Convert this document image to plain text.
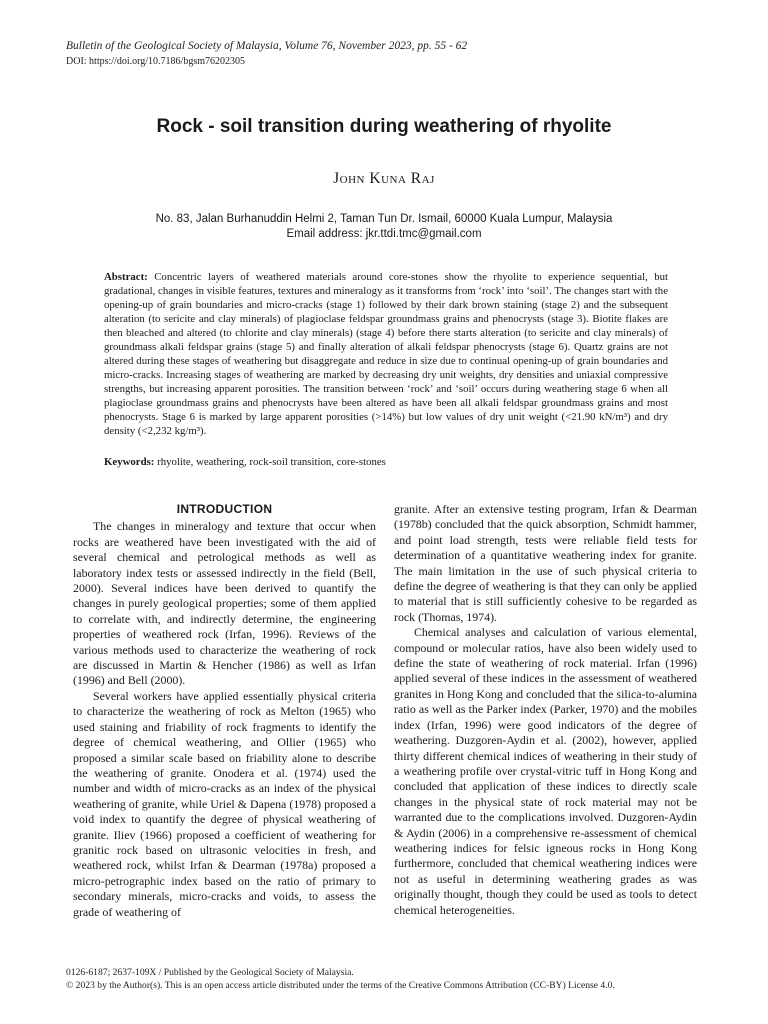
Bulletin of the Geological Society of Malaysia, Volume 76, November 2023, pp. 55 - 62
DOI: https://doi.org/10.7186/bgsm76202305
Rock - soil transition during weathering of rhyolite
John Kuna Raj
No. 83, Jalan Burhanuddin Helmi 2, Taman Tun Dr. Ismail, 60000 Kuala Lumpur, Malaysia
Email address: jkr.ttdi.tmc@gmail.com

Abstract: Concentric layers of weathered materials around core-stones show the rhyolite to experience sequential, but gradational, changes in visible features, textures and mineralogy as it transforms from ‘rock’ into ‘soil’. The changes start with the opening-up of grain boundaries and micro-cracks (stage 1) followed by their dark brown staining (stage 2) and the subsequent alteration (to sericite and clay minerals) of plagioclase feldspar groundmass grains and phenocrysts (stage 3). Biotite flakes are then bleached and altered (to chlorite and clay minerals) (stage 4) before there starts alteration (to sericite and clay minerals) of groundmass alkali feldspar grains (stage 5) and finally alteration of alkali feldspar phenocrysts (stage 6). Quartz grains are not altered during these stages of weathering but disaggregate and reduce in size due to continual opening-up of grain boundaries and micro-cracks. Increasing stages of weathering are marked by decreasing dry unit weights, dry densities and uniaxial compressive strengths, but increasing apparent porosities. The transition between ‘rock’ and ‘soil’ occurs during weathering stage 6 when all plagioclase groundmass grains and phenocrysts have been altered as have been all alkali feldspar groundmass grains and most phenocrysts. Stage 6 is marked by large apparent porosities (>14%) but low values of dry unit weight (<21.90 kN/m³) and dry density (<2,232 kg/m³).

Keywords: rhyolite, weathering, rock-soil transition, core-stones

INTRODUCTION

The changes in mineralogy and texture that occur when rocks are weathered have been investigated with the aid of several chemical and petrological methods as well as laboratory index tests or assessed indirectly in the field (Bell, 2000). Several indices have been derived to quantify the changes in purely geological properties; some of them applied to correlate with, and indirectly determine, the engineering properties of weathered rock (Irfan, 1996). Reviews of the various methods used to characterize the weathering of rock are discussed in Martin & Hencher (1986) as well as Irfan (1996) and Bell (2000).

Several workers have applied essentially physical criteria to characterize the weathering of rock as Melton (1965) who used staining and friability of rock fragments to identify the degree of chemical weathering, and Ollier (1965) who proposed a similar scale based on friability alone to describe the weathering of granite. Onodera et al. (1974) used the number and width of micro-cracks as an index of the physical weathering of granite, while Uriel & Dapena (1978) proposed a void index to quantify the degree of physical weathering of granite. Iliev (1966) proposed a coefficient of weathering for granitic rock based on ultrasonic velocities in fresh, and weathered rock, whilst Irfan & Dearman (1978a) proposed a micro-petrographic index based on the ratio of primary to secondary minerals, micro-cracks and voids, to assess the grade of weathering of

granite. After an extensive testing program, Irfan & Dearman (1978b) concluded that the quick absorption, Schmidt hammer, and point load strength, tests were reliable field tests for determination of a quantitative weathering index for granite. The main limitation in the use of such physical criteria to define the degree of weathering is that they can only be applied to material that is still sufficiently cohesive to be regarded as rock (Thomas, 1974).

Chemical analyses and calculation of various elemental, compound or molecular ratios, have also been widely used to define the state of weathering of rock material. Irfan (1996) applied several of these indices in the assessment of weathered granites in Hong Kong and concluded that the silica-to-alumina ratio as well as the Parker index (Parker, 1970) and the mobiles index (Irfan, 1996) were good indicators of the degree of weathering. Duzgoren-Aydin et al. (2002), however, applied thirty different chemical indices of weathering in their study of a weathering profile over crystal-vitric tuff in Hong Kong and concluded that application of these indices to directly scale changes in the physical state of rock material may not be warranted due to the complications involved. Duzgoren-Aydin & Aydin (2006) in a comprehensive re-assessment of chemical weathering indices for felsic igneous rocks in Hong Kong furthermore, concluded that chemical weathering indices were not as useful in determining weathering grades as was originally thought, though they could be used as tools to detect chemical heterogeneities.

0126-6187; 2637-109X / Published by the Geological Society of Malaysia.
© 2023 by the Author(s). This is an open access article distributed under the terms of the Creative Commons Attribution (CC-BY) License 4.0.
